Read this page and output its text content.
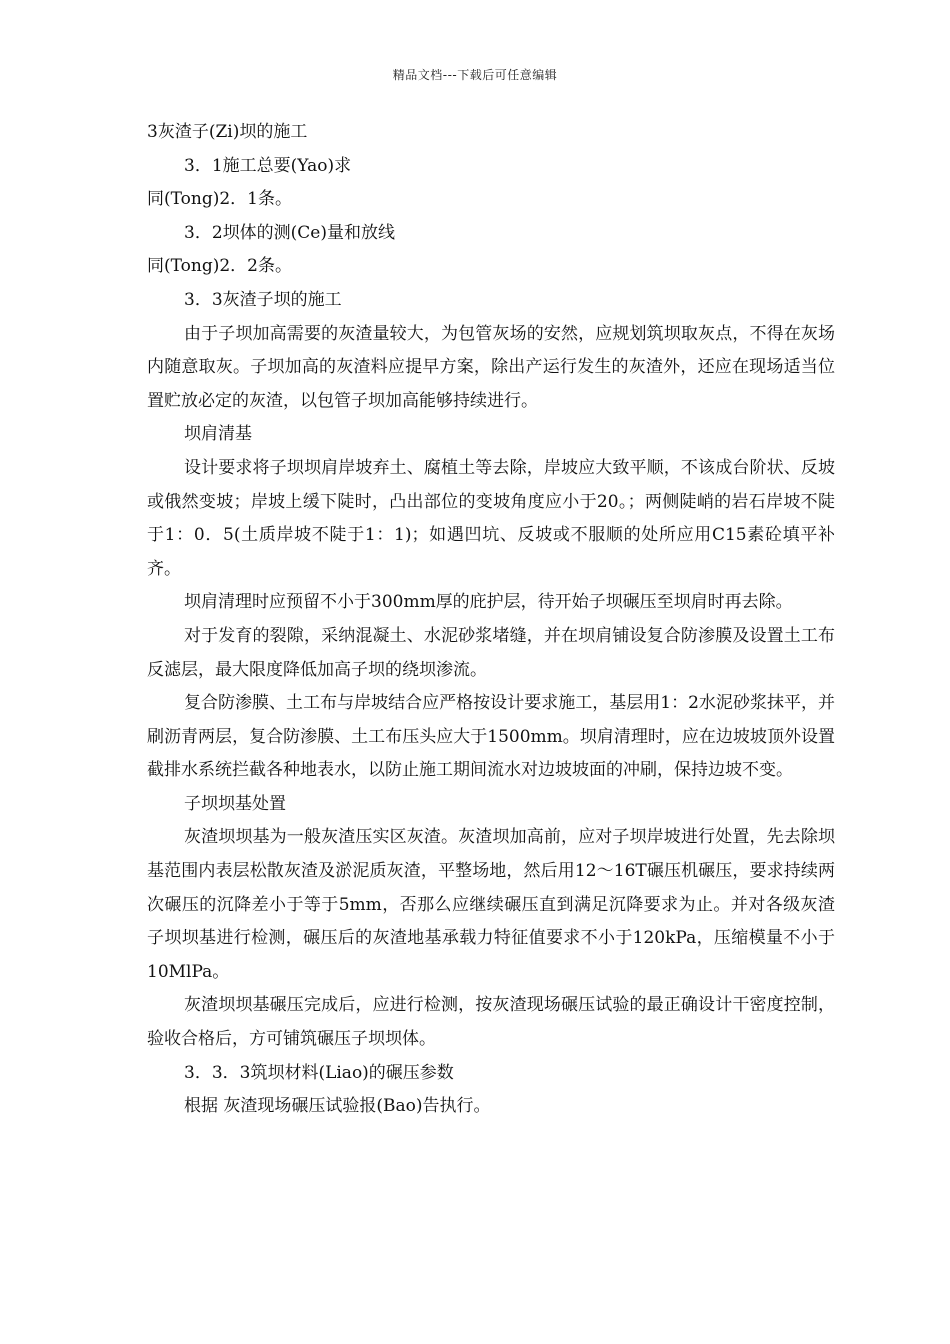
精品文档---下载后可任意编辑

3灰渣子(Zi)坝的施工

3．1施工总要(Yao)求

同(Tong)2．1条。

3．2坝体的测(Ce)量和放线

同(Tong)2．2条。

3．3灰渣子坝的施工

由于子坝加高需要的灰渣量较大，为包管灰场的安然，应规划筑坝取灰点，不得在灰场内随意取灰。子坝加高的灰渣料应提早方案，除出产运行发生的灰渣外，还应在现场适当位置贮放必定的灰渣，以包管子坝加高能够持续进行。

坝肩清基

设计要求将子坝坝肩岸坡弃土、腐植土等去除，岸坡应大致平顺，不该成台阶状、反坡或俄然变坡；岸坡上缓下陡时，凸出部位的变坡角度应小于20。；两侧陡峭的岩石岸坡不陡于1：0．5(土质岸坡不陡于1：1)；如遇凹坑、反坡或不服顺的处所应用C15素砼填平补齐。

坝肩清理时应预留不小于300mm厚的庇护层，待开始子坝碾压至坝肩时再去除。

对于发育的裂隙，采纳混凝土、水泥砂浆堵缝，并在坝肩铺设复合防渗膜及设置土工布反滤层，最大限度降低加高子坝的绕坝渗流。

复合防渗膜、土工布与岸坡结合应严格按设计要求施工，基层用1：2水泥砂浆抹平，并刷沥青两层，复合防渗膜、土工布压头应大于1500mm。坝肩清理时，应在边坡坡顶外设置截排水系统拦截各种地表水，以防止施工期间流水对边坡坡面的冲刷，保持边坡不变。

子坝坝基处置

灰渣坝坝基为一般灰渣压实区灰渣。灰渣坝加高前，应对子坝岸坡进行处置，先去除坝基范围内表层松散灰渣及淤泥质灰渣，平整场地，然后用12～16T碾压机碾压，要求持续两次碾压的沉降差小于等于5mm，否那么应继续碾压直到满足沉降要求为止。并对各级灰渣子坝坝基进行检测，碾压后的灰渣地基承载力特征值要求不小于120kPa，压缩模量不小于10MlPa。

灰渣坝坝基碾压完成后，应进行检测，按灰渣现场碾压试验的最正确设计干密度控制，验收合格后，方可铺筑碾压子坝坝体。

3．3．3筑坝材料(Liao)的碾压参数

根据 灰渣现场碾压试验报(Bao)告执行。
